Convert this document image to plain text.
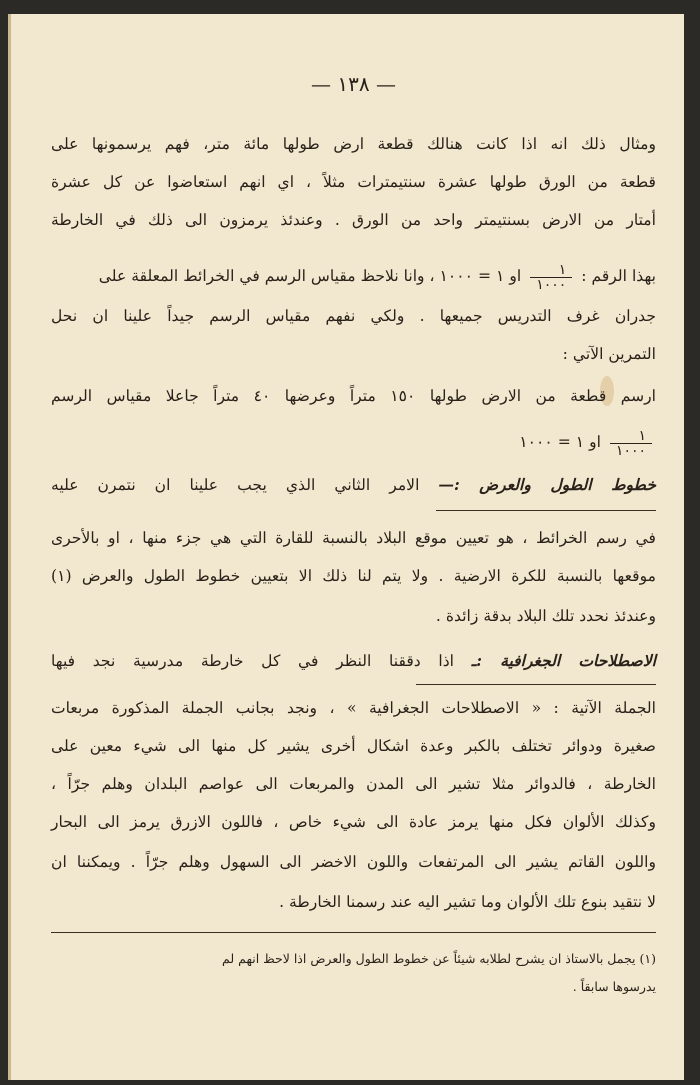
— ١٣٨ —
ومثال ذلك انه اذا كانت هنالك قطعة ارض طولها مائة متر، فهم يرسمونها على
قطعة من الورق طولها عشرة سنتيمترات مثلاً ، اي انهم استعاضوا عن كل عشرة
أمتار من الارض بسنتيمتر واحد من الورق . وعندئذ يرمزون الى ذلك في الخارطة
بهذا الرقم :
$\frac{١}{١٠٠٠}$
او ١ = ١٠٠٠ ، وانا نلاحظ مقياس الرسم في الخرائط المعلقة على
جدران غرف التدريس جميعها . ولكي نفهم مقياس الرسم جيداً علينا ان نحل
التمرين الآتي :
ارسم قطعة من الارض طولها ١٥٠ متراً وعرضها ٤٠ متراً جاعلا مقياس الرسم
$\frac{١}{١٠٠٠}$
او ١ = ١٠٠٠
خطوط الطول والعرض :— الامر الثاني الذي يجب علينا ان نتمرن عليه
في رسم الخرائط ، هو تعيين موقع البلاد بالنسبة للقارة التي هي جزء منها ، او بالأحرى
موقعها بالنسبة للكرة الارضية . ولا يتم لنا ذلك الا بتعيين خطوط الطول والعرض (١)
وعندئذ نحدد تلك البلاد بدقة زائدة .
الاصطلاحات الجغرافية :ـ اذا دققنا النظر في كل خارطة مدرسية نجد فيها
الجملة الآتية : « الاصطلاحات الجغرافية » ، ونجد بجانب الجملة المذكورة مربعات
صغيرة ودوائر تختلف بالكبر وعدة اشكال أخرى يشير كل منها الى شيء معين على
الخارطة ، فالدوائر مثلا تشير الى المدن والمربعات الى عواصم البلدان وهلم جرّاً ،
وكذلك الألوان فكل منها يرمز عادة الى شيء خاص ، فاللون الازرق يرمز الى البحار
واللون القاتم يشير الى المرتفعات واللون الاخضر الى السهول وهلم جرّاً . ويمكننا ان
لا نتقيد بنوع تلك الألوان وما تشير اليه عند رسمنا الخارطة .
(١) يجمل بالاستاذ ان يشرح لطلابه شيئاً عن خطوط الطول والعرض اذا لاحظ انهم لم
يدرسوها سابقاً .
